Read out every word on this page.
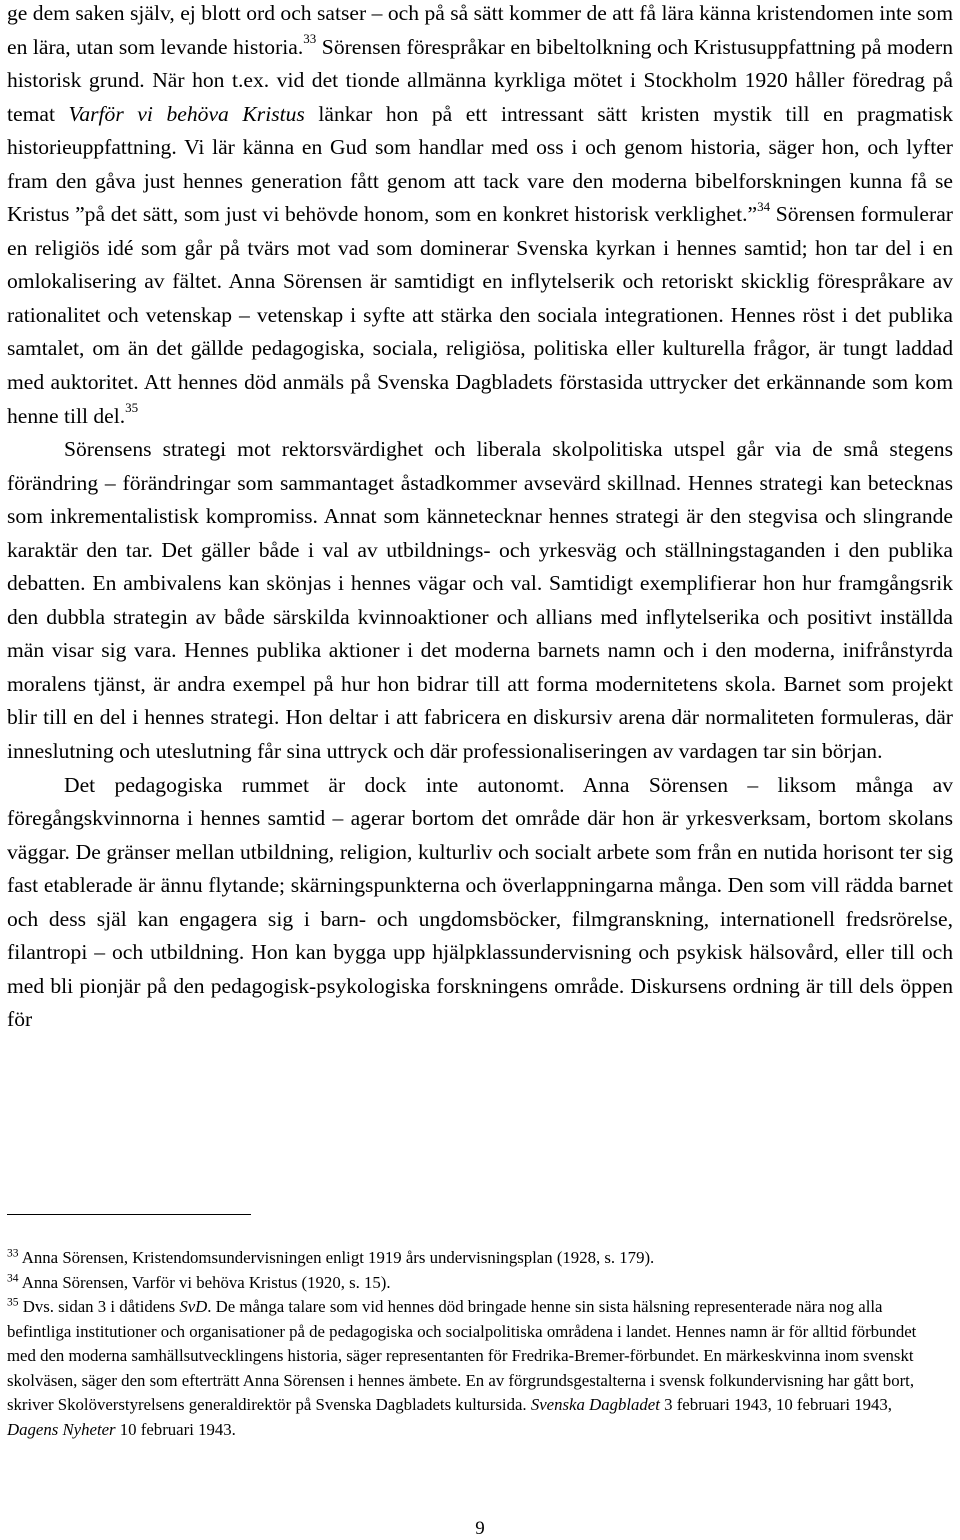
ge dem saken själv, ej blott ord och satser – och på så sätt kommer de att få lära känna kristendomen inte som en lära, utan som levande historia.$^{33}$ Sörensen förespråkar en bibeltolkning och Kristusuppfattning på modern historisk grund. När hon t.ex. vid det tionde allmänna kyrkliga mötet i Stockholm 1920 håller föredrag på temat Varför vi behöva Kristus länkar hon på ett intressant sätt kristen mystik till en pragmatisk historieuppfattning. Vi lär känna en Gud som handlar med oss i och genom historia, säger hon, och lyfter fram den gåva just hennes generation fått genom att tack vare den moderna bibelforskningen kunna få se Kristus ”på det sätt, som just vi behövde honom, som en konkret historisk verklighet.”$^{34}$ Sörensen formulerar en religiös idé som går på tvärs mot vad som dominerar Svenska kyrkan i hennes samtid; hon tar del i en omlokalisering av fältet. Anna Sörensen är samtidigt en inflytelserik och retoriskt skicklig förespråkare av rationalitet och vetenskap – vetenskap i syfte att stärka den sociala integrationen. Hennes röst i det publika samtalet, om än det gällde pedagogiska, sociala, religiösa, politiska eller kulturella frågor, är tungt laddad med auktoritet. Att hennes död anmäls på Svenska Dagbladets förstasida uttrycker det erkännande som kom henne till del.$^{35}$

Sörensens strategi mot rektorsvärdighet och liberala skolpolitiska utspel går via de små stegens förändring – förändringar som sammantaget åstadkommer avsevärd skillnad. Hennes strategi kan betecknas som inkrementalistisk kompromiss. Annat som kännetecknar hennes strategi är den stegvisa och slingrande karaktär den tar. Det gäller både i val av utbildnings- och yrkesväg och ställningstaganden i den publika debatten. En ambivalens kan skönjas i hennes vägar och val. Samtidigt exemplifierar hon hur framgångsrik den dubbla strategin av både särskilda kvinnoaktioner och allians med inflytelserika och positivt inställda män visar sig vara. Hennes publika aktioner i det moderna barnets namn och i den moderna, inifrånstyrda moralens tjänst, är andra exempel på hur hon bidrar till att forma modernitetens skola. Barnet som projekt blir till en del i hennes strategi. Hon deltar i att fabricera en diskursiv arena där normaliteten formuleras, där inneslutning och uteslutning får sina uttryck och där professionaliseringen av vardagen tar sin början.

Det pedagogiska rummet är dock inte autonomt. Anna Sörensen – liksom många av föregångskvinnorna i hennes samtid – agerar bortom det område där hon är yrkesverksam, bortom skolans väggar. De gränser mellan utbildning, religion, kulturliv och socialt arbete som från en nutida horisont ter sig fast etablerade är ännu flytande; skärningspunkterna och överlappningarna många. Den som vill rädda barnet och dess själ kan engagera sig i barn- och ungdomsböcker, filmgranskning, internationell fredsrörelse, filantropi – och utbildning. Hon kan bygga upp hjälpklassundervisning och psykisk hälsovård, eller till och med bli pionjär på den pedagogisk-psykologiska forskningens område. Diskursens ordning är till dels öppen för

$^{33}$ Anna Sörensen, Kristendomsundervisningen enligt 1919 års undervisningsplan (1928, s. 179).

$^{34}$ Anna Sörensen, Varför vi behöva Kristus (1920, s. 15).

$^{35}$ Dvs. sidan 3 i dåtidens SvD. De många talare som vid hennes död bringade henne sin sista hälsning representerade nära nog alla befintliga institutioner och organisationer på de pedagogiska och socialpolitiska områdena i landet. Hennes namn är för alltid förbundet med den moderna samhällsutvecklingens historia, säger representanten för Fredrika-Bremer-förbundet. En märkeskvinna inom svenskt skolväsen, säger den som efterträtt Anna Sörensen i hennes ämbete. En av förgrundsgestalterna i svensk folkundervisning har gått bort, skriver Skolöverstyrelsens generaldirektör på Svenska Dagbladets kultursida. Svenska Dagbladet 3 februari 1943, 10 februari 1943, Dagens Nyheter 10 februari 1943.

9
